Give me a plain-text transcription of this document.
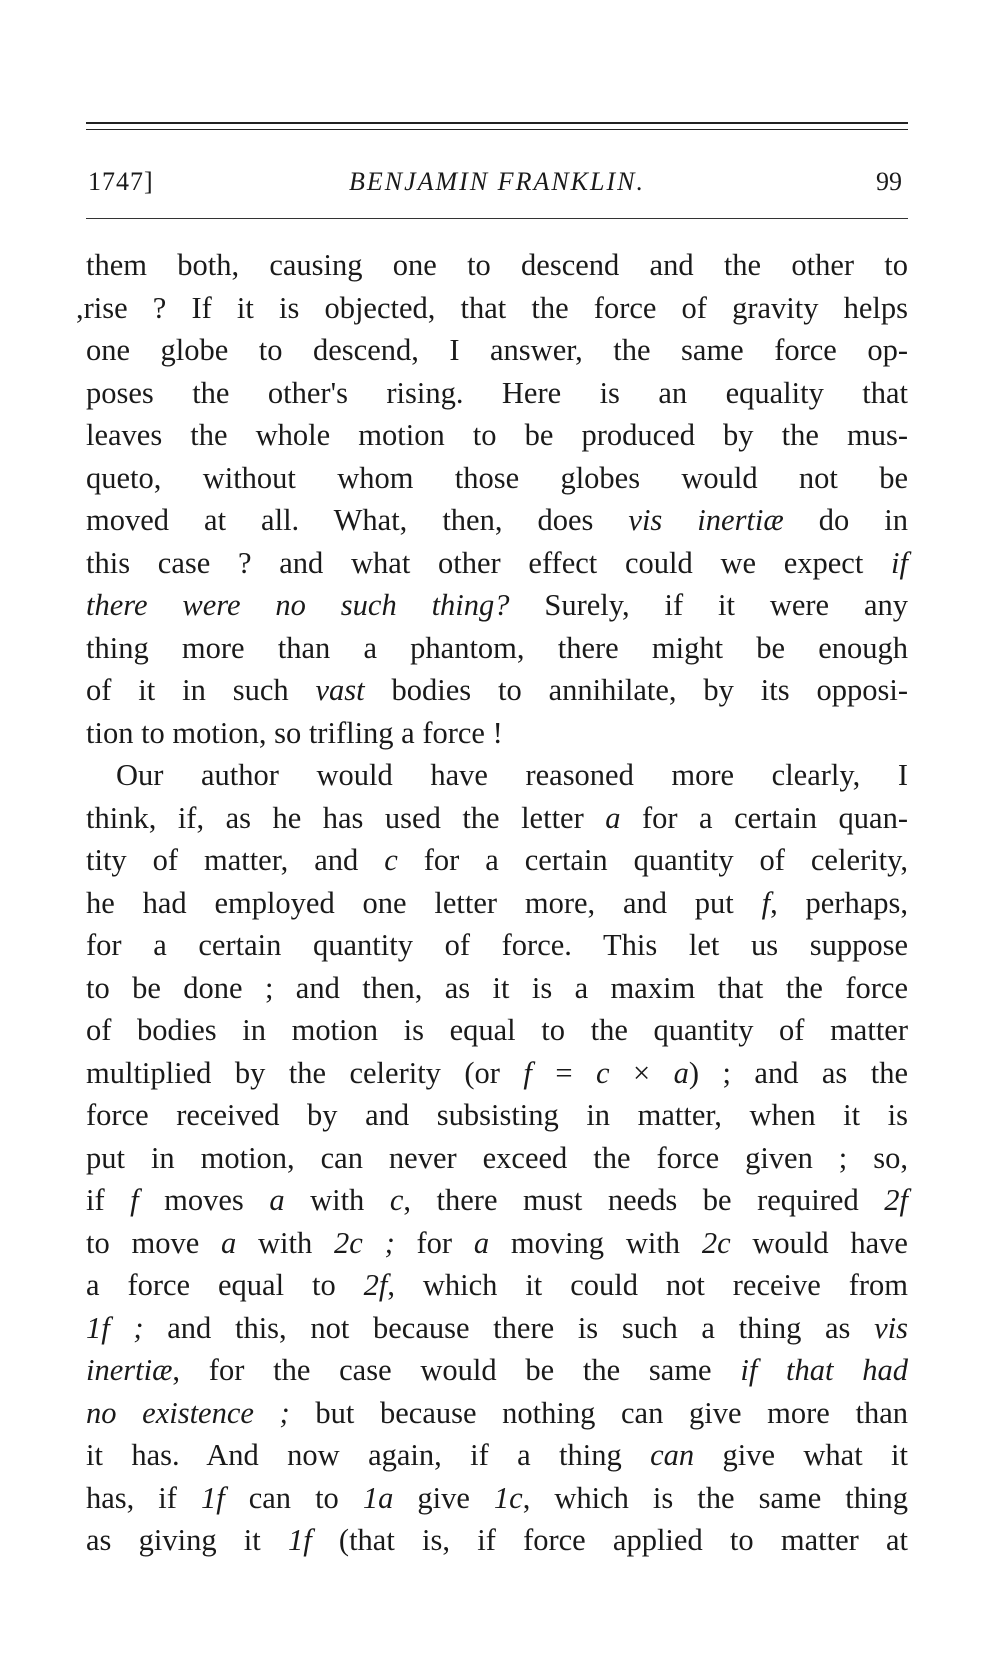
1747]	BENJAMIN FRANKLIN.	99
them both, causing one to descend and the other to
,rise ? If it is objected, that the force of gravity helps
one globe to descend, I answer, the same force op-
poses the other's rising. Here is an equality that
leaves the whole motion to be produced by the mus-
queto, without whom those globes would not be
moved at all. What, then, does vis inertiæ do in
this case ? and what other effect could we expect if
there were no such thing? Surely, if it were any
thing more than a phantom, there might be enough
of it in such vast bodies to annihilate, by its opposi-
tion to motion, so trifling a force !
Our author would have reasoned more clearly, I
think, if, as he has used the letter a for a certain quan-
tity of matter, and c for a certain quantity of celerity,
he had employed one letter more, and put f, perhaps,
for a certain quantity of force. This let us suppose
to be done ; and then, as it is a maxim that the force
of bodies in motion is equal to the quantity of matter
multiplied by the celerity (or f = c × a) ; and as the
force received by and subsisting in matter, when it is
put in motion, can never exceed the force given ; so,
if f moves a with c, there must needs be required 2f
to move a with 2c ; for a moving with 2c would have
a force equal to 2f, which it could not receive from
1f ; and this, not because there is such a thing as vis
inertiæ, for the case would be the same if that had
no existence ; but because nothing can give more than
it has. And now again, if a thing can give what it
has, if 1f can to 1a give 1c, which is the same thing
as giving it 1f (that is, if force applied to matter at
